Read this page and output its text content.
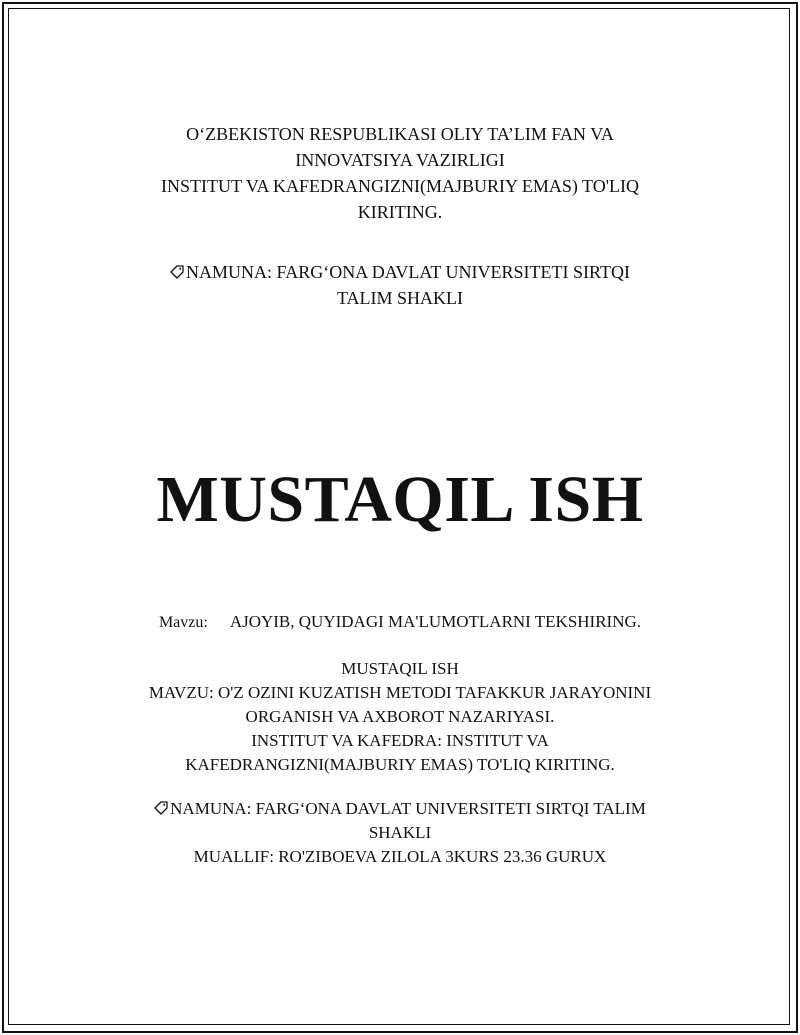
O‘ZBEKISTON RESPUBLIKASI OLIY TA’LIM FAN VA
INNOVATSIYA VAZIRLIGI
INSTITUT VA KAFEDRANGIZNI(MAJBURIY EMAS) TO'LIQ
KIRITING.
NAMUNA: FARG‘ONA DAVLAT UNIVERSITETI SIRTQI
TALIM SHAKLI
MUSTAQIL ISH
Mavzu: AJOYIB, QUYIDAGI MA'LUMOTLARNI TEKSHIRING.
MUSTAQIL ISH
MAVZU: O'Z OZINI KUZATISH METODI TAFAKKUR JARAYONINI
ORGANISH VA AXBOROT NAZARIYASI.
INSTITUT VA KAFEDRA: INSTITUT VA
KAFEDRANGIZNI(MAJBURIY EMAS) TO'LIQ KIRITING.
NAMUNA: FARG‘ONA DAVLAT UNIVERSITETI SIRTQI TALIM
SHAKLI
MUALLIF: RO'ZIBOEVA ZILOLA 3KURS 23.36 GURUX
